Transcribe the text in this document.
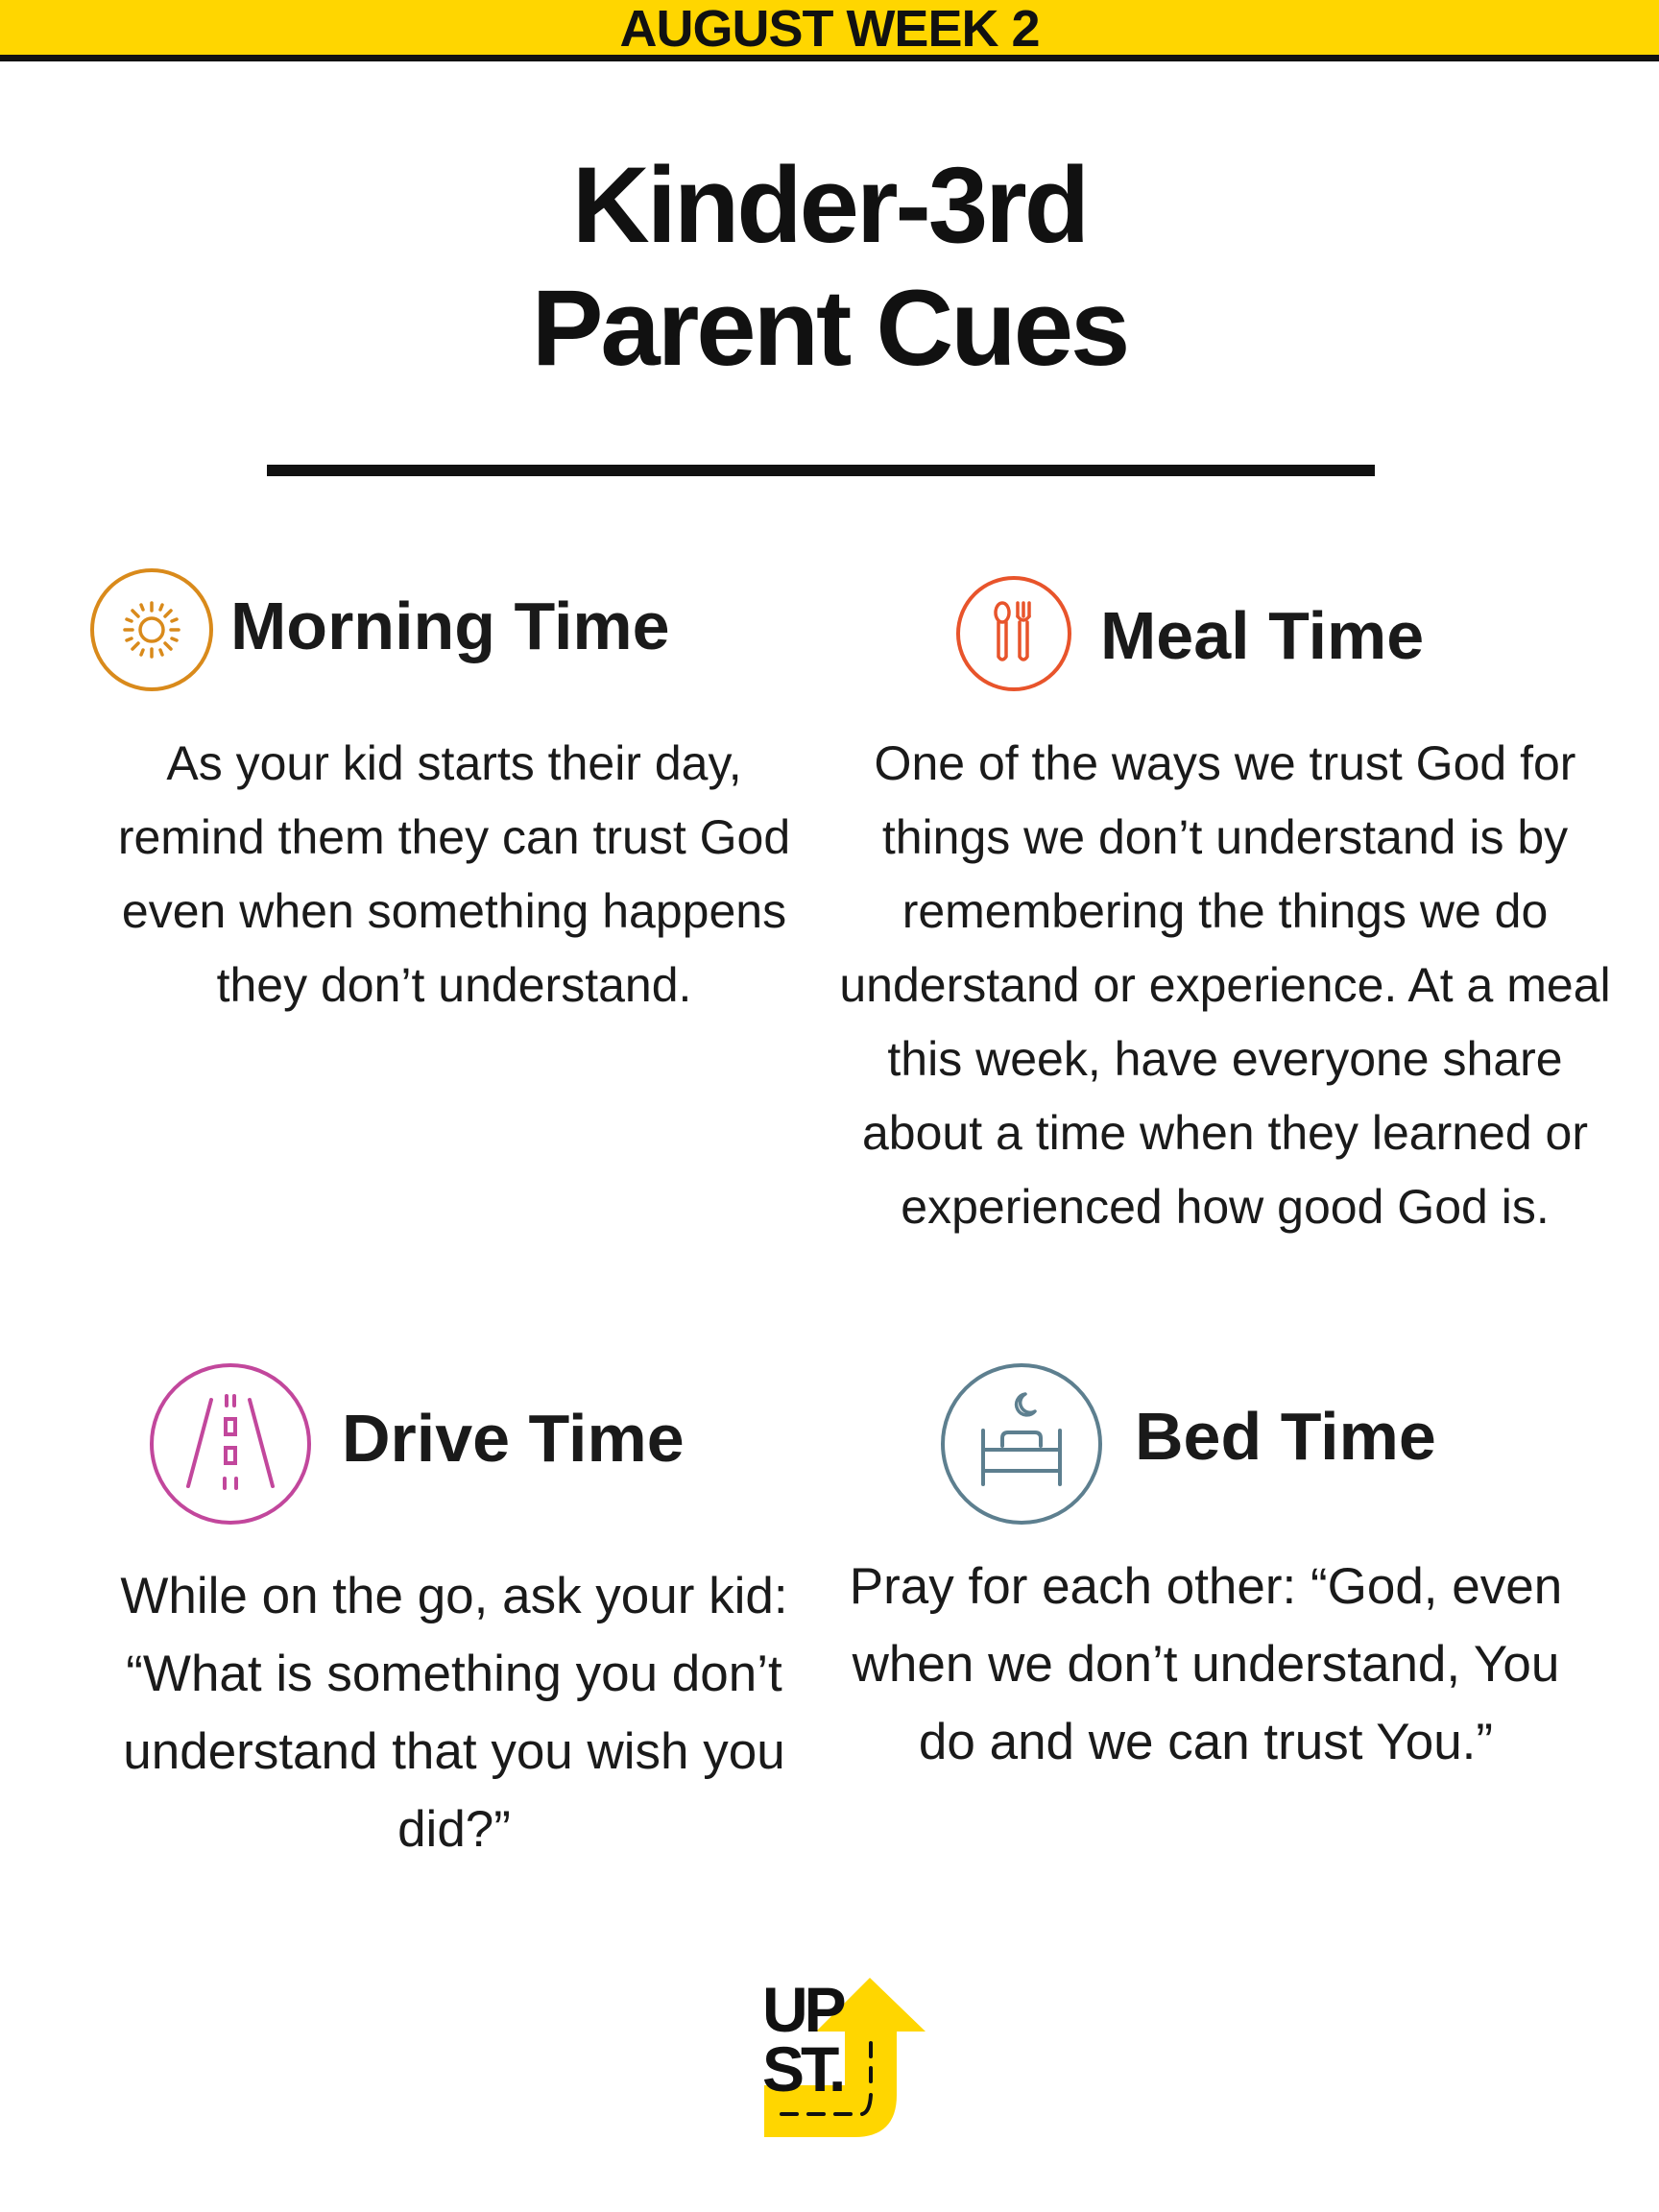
AUGUST WEEK 2
Kinder-3rd
Parent Cues
Morning Time
As your kid starts their day, remind them they can trust God even when something happens they don’t understand.
Meal Time
One of the ways we trust God for things we don’t understand is by remembering the things we do understand or experience. At a meal this week, have everyone share about a time when they learned or experienced how good God is.
Drive Time
While on the go, ask your kid: “What is something you don’t understand that you wish you did?”
Bed Time
Pray for each other: “God, even when we don’t understand, You do and we can trust You.”
UP
ST.
